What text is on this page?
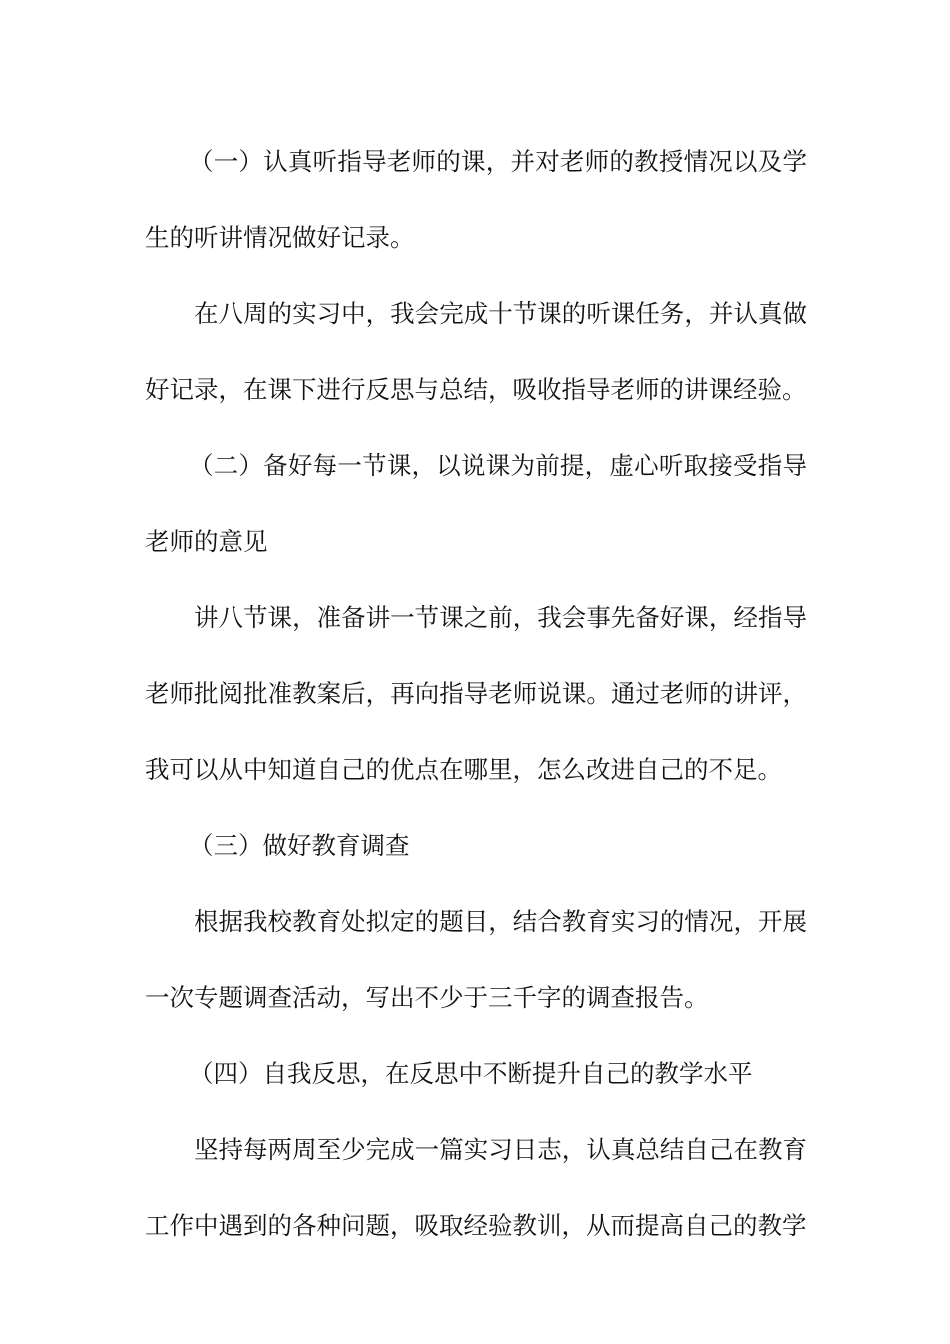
（一）认真听指导老师的课，并对老师的教授情况以及学生的听讲情况做好记录。

在八周的实习中，我会完成十节课的听课任务，并认真做好记录，在课下进行反思与总结，吸收指导老师的讲课经验。

（二）备好每一节课，以说课为前提，虚心听取接受指导老师的意见

讲八节课，准备讲一节课之前，我会事先备好课，经指导老师批阅批准教案后，再向指导老师说课。通过老师的讲评，我可以从中知道自己的优点在哪里，怎么改进自己的不足。

（三）做好教育调查

根据我校教育处拟定的题目，结合教育实习的情况，开展一次专题调查活动，写出不少于三千字的调查报告。

（四）自我反思，在反思中不断提升自己的教学水平

坚持每两周至少完成一篇实习日志，认真总结自己在教育工作中遇到的各种问题，吸取经验教训，从而提高自己的教学
